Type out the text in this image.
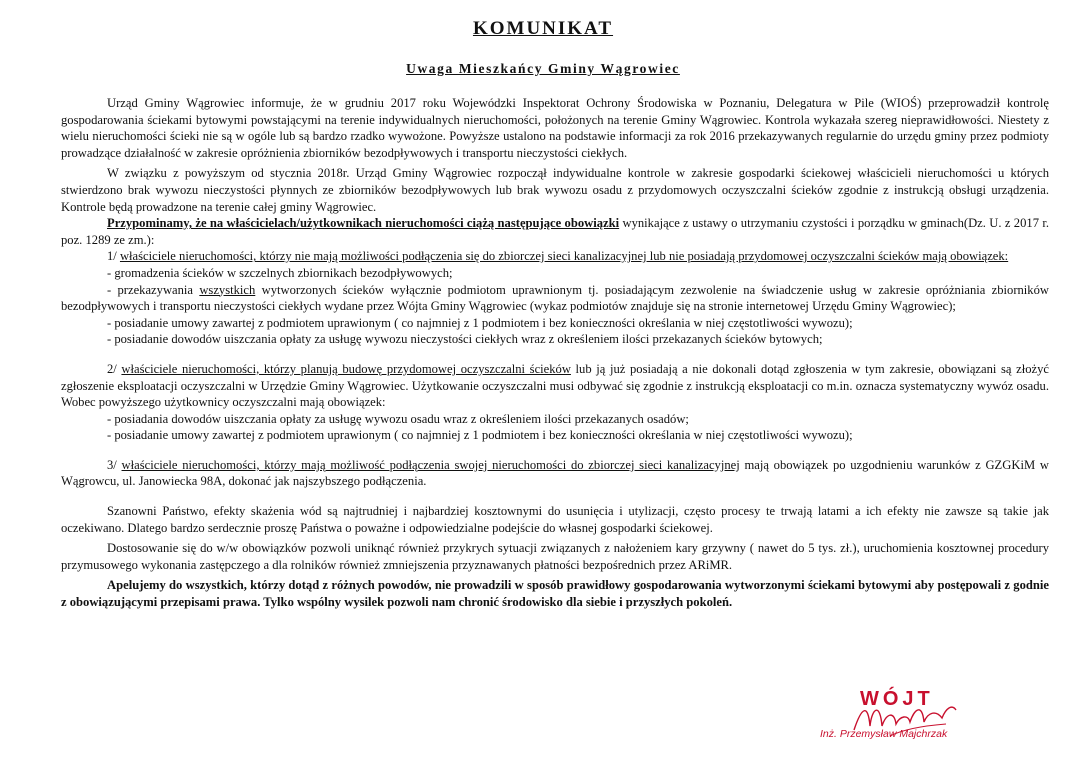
KOMUNIKAT
Uwaga Mieszkańcy Gminy Wągrowiec

Urząd Gminy Wągrowiec informuje, że w grudniu 2017 roku Wojewódzki Inspektorat Ochrony Środowiska w Poznaniu, Delegatura w Pile (WIOŚ) przeprowadził kontrolę gospodarowania ściekami bytowymi powstającymi na terenie indywidualnych nieruchomości, położonych na terenie Gminy Wągrowiec. Kontrola wykazała szereg nieprawidłowości. Niestety z wielu nieruchomości ścieki nie są w ogóle lub są bardzo rzadko wywożone. Powyższe ustalono na podstawie informacji za rok 2016 przekazywanych regularnie do urzędu gminy przez podmioty prowadzące działalność w zakresie opróżnienia zbiorników bezodpływowych i transportu nieczystości ciekłych.

W związku z powyższym od stycznia 2018r. Urząd Gminy Wągrowiec rozpoczął indywidualne kontrole w zakresie gospodarki ściekowej właścicieli nieruchomości u których stwierdzono brak wywozu nieczystości płynnych ze zbiorników bezodpływowych lub brak wywozu osadu z przydomowych oczyszczalni ścieków zgodnie z instrukcją obsługi urządzenia. Kontrole będą prowadzone na terenie całej gminy Wągrowiec.

Przypominamy, że na właścicielach/użytkownikach nieruchomości ciążą następujące obowiązki wynikające z ustawy o utrzymaniu czystości i porządku w gminach(Dz. U. z 2017 r. poz. 1289 ze zm.):

1/ właściciele nieruchomości, którzy nie mają możliwości podłączenia się do zbiorczej sieci kanalizacyjnej lub nie posiadają przydomowej oczyszczalni ścieków mają obowiązek:

- gromadzenia ścieków w szczelnych zbiornikach bezodpływowych;

- przekazywania wszystkich wytworzonych ścieków wyłącznie podmiotom uprawnionym tj. posiadającym zezwolenie na świadczenie usług w zakresie opróżniania zbiorników bezodpływowych i transportu nieczystości ciekłych wydane przez Wójta Gminy Wągrowiec (wykaz podmiotów znajduje się na stronie internetowej Urzędu Gminy Wągrowiec);

- posiadanie umowy zawartej z podmiotem uprawionym ( co najmniej z 1 podmiotem i bez konieczności określania w niej częstotliwości wywozu);

- posiadanie dowodów uiszczania opłaty za usługę wywozu nieczystości ciekłych wraz z określeniem ilości przekazanych ścieków bytowych;

2/ właściciele nieruchomości, którzy planują budowę przydomowej oczyszczalni ścieków lub ją już posiadają a nie dokonali dotąd zgłoszenia w tym zakresie, obowiązani są złożyć zgłoszenie eksploatacji oczyszczalni w Urzędzie Gminy Wągrowiec. Użytkowanie oczyszczalni musi odbywać się zgodnie z instrukcją eksploatacji co m.in. oznacza systematyczny wywóz osadu. Wobec powyższego użytkownicy oczyszczalni mają obowiązek:

- posiadania dowodów uiszczania opłaty za usługę wywozu osadu wraz z określeniem ilości przekazanych osadów;

- posiadanie umowy zawartej z podmiotem uprawionym ( co najmniej z 1 podmiotem i bez konieczności określania w niej częstotliwości wywozu);

3/ właściciele nieruchomości, którzy mają możliwość podłączenia swojej nieruchomości do zbiorczej sieci kanalizacyjnej mają obowiązek po uzgodnieniu warunków z GZGKiM w Wągrowcu, ul. Janowiecka 98A, dokonać jak najszybszego podłączenia.

Szanowni Państwo, efekty skażenia wód są najtrudniej i najbardziej kosztownymi do usunięcia i utylizacji, często procesy te trwają latami a ich efekty nie zawsze są takie jak oczekiwano. Dlatego bardzo serdecznie proszę Państwa o poważne i odpowiedzialne podejście do własnej gospodarki ściekowej.

Dostosowanie się do w/w obowiązków pozwoli uniknąć również przykrych sytuacji związanych z nałożeniem kary grzywny ( nawet do 5 tys. zł.), uruchomienia kosztownej procedury przymusowego wykonania zastępczego a dla rolników również zmniejszenia przyznawanych płatności bezpośrednich przez ARiMR.

Apelujemy do wszystkich, którzy dotąd z różnych powodów, nie prowadzili w sposób prawidłowy gospodarowania wytworzonymi ściekami bytowymi aby postępowali z godnie z obowiązującymi przepisami prawa. Tylko wspólny wysilek pozwoli nam chronić środowisko dla siebie i przyszłych pokoleń.

WÓJT
Inż. Przemysław Majchrzak
